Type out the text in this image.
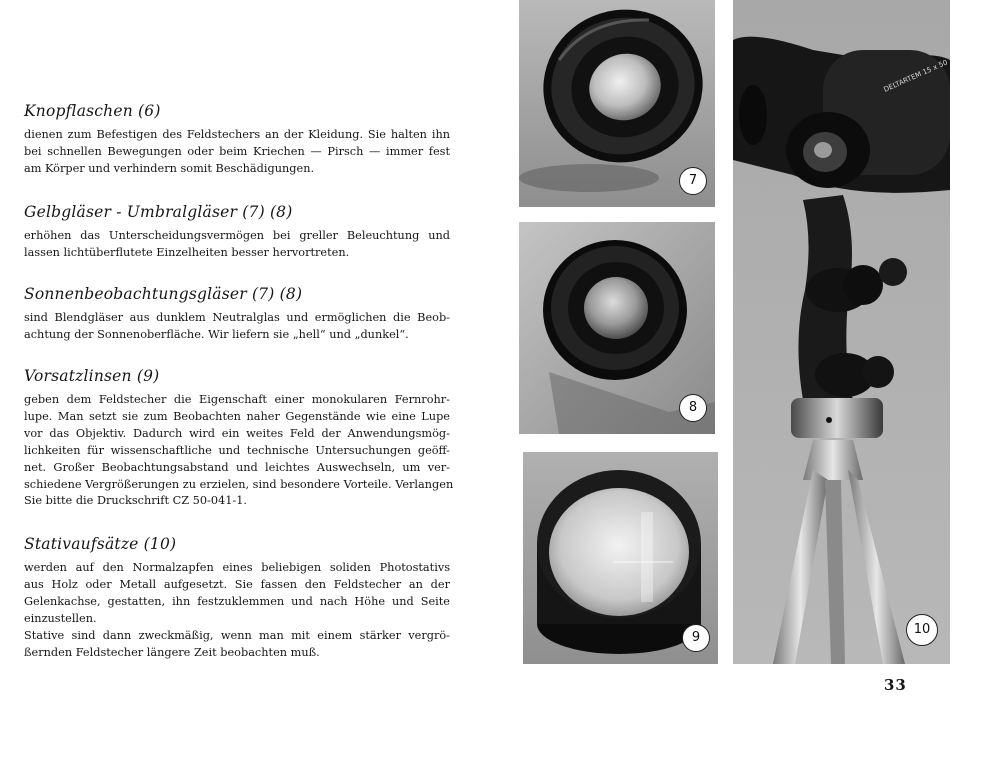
Knopflaschen (6)

dienen zum Befestigen des Feldstechers an der Kleidung. Sie halten ihn
bei schnellen Bewegungen oder beim Kriechen — Pirsch — immer fest
am Körper und verhindern somit Beschädigungen.

Gelbgläser - Umbralgläser (7) (8)

erhöhen das Unterscheidungsvermögen bei greller Beleuchtung und
lassen lichtüberflutete Einzelheiten besser hervortreten.

Sonnenbeobachtungsgläser (7) (8)

sind Blendgläser aus dunklem Neutralglas und ermöglichen die Beob-
achtung der Sonnenoberfläche. Wir liefern sie „hell“ und „dunkel“.

Vorsatzlinsen (9)

geben dem Feldstecher die Eigenschaft einer monokularen Fernrohr-
lupe. Man setzt sie zum Beobachten naher Gegenstände wie eine Lupe
vor das Objektiv. Dadurch wird ein weites Feld der Anwendungsmög-
lichkeiten für wissenschaftliche und technische Untersuchungen geöff-
net. Großer Beobachtungsabstand und leichtes Auswechseln, um ver-
schiedene Vergrößerungen zu erzielen, sind besondere Vorteile. Verlangen
Sie bitte die Druckschrift CZ 50-041-1.

Stativaufsätze (10)

werden auf den Normalzapfen eines beliebigen soliden Photostativs
aus Holz oder Metall aufgesetzt. Sie fassen den Feldstecher an der
Gelenkachse, gestatten, ihn festzuklemmen und nach Höhe und Seite
einzustellen.
Stative sind dann zweckmäßig, wenn man mit einem stärker vergrö-
ßernden Feldstecher längere Zeit beobachten muß.

7
8
9
DELTARTEM 15 x 50
10
33
